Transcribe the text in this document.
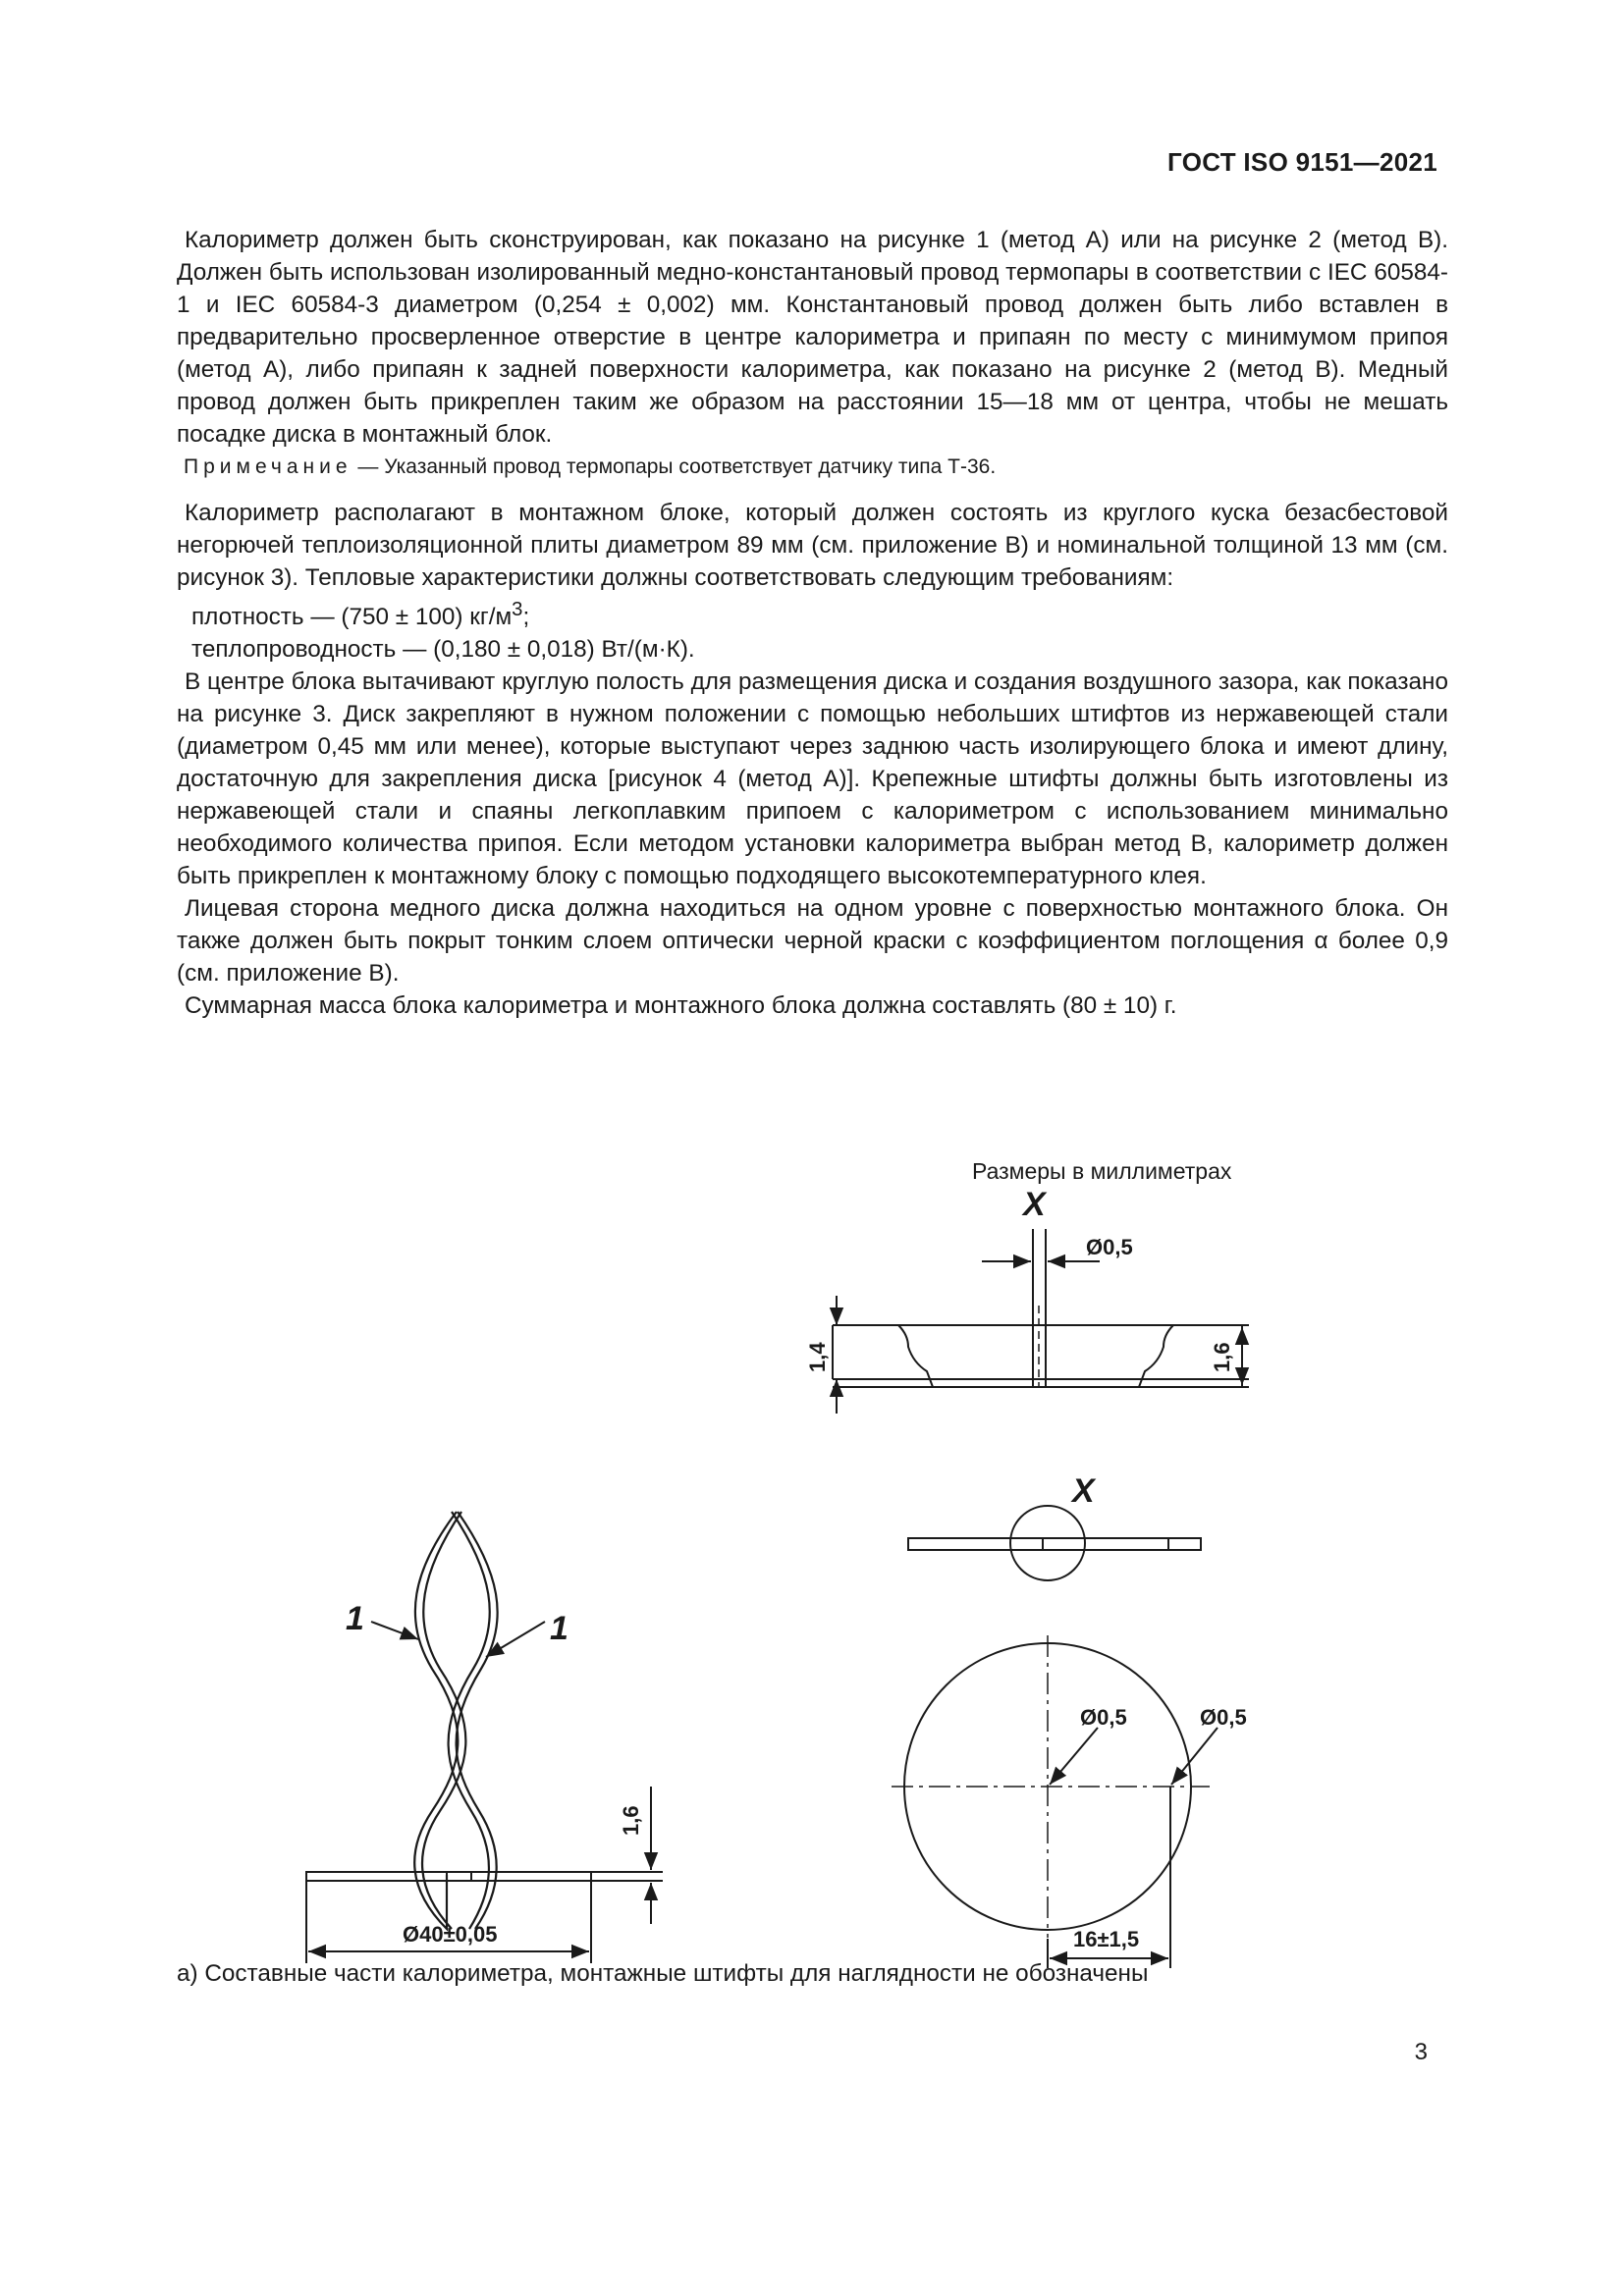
ГОСТ ISO 9151—2021

Калориметр должен быть сконструирован, как показано на рисунке 1 (метод А) или на рисунке 2 (метод В). Должен быть использован изолированный медно-константановый провод термопары в соответствии с IEC 60584-1 и IEC 60584-3 диаметром (0,254 ± 0,002) мм. Константановый провод должен быть либо вставлен в предварительно просверленное отверстие в центре калориметра и припаян по месту с минимумом припоя (метод А), либо припаян к задней поверхности калориметра, как показано на рисунке 2 (метод В). Медный провод должен быть прикреплен таким же образом на расстоянии 15—18 мм от центра, чтобы не мешать посадке диска в монтажный блок.

Примечание — Указанный провод термопары соответствует датчику типа Т-36.

Калориметр располагают в монтажном блоке, который должен состоять из круглого куска безасбестовой негорючей теплоизоляционной плиты диаметром 89 мм (см. приложение В) и номинальной толщиной 13 мм (см. рисунок 3). Тепловые характеристики должны соответствовать следующим требованиям:

плотность — (750 ± 100) $кг/м^3$;

теплопроводность — (0,180 ± 0,018) Вт/(м·К).

В центре блока вытачивают круглую полость для размещения диска и создания воздушного зазора, как показано на рисунке 3. Диск закрепляют в нужном положении с помощью небольших штифтов из нержавеющей стали (диаметром 0,45 мм или менее), которые выступают через заднюю часть изолирующего блока и имеют длину, достаточную для закрепления диска [рисунок 4 (метод А)]. Крепежные штифты должны быть изготовлены из нержавеющей стали и спаяны легкоплавким припоем с калориметром с использованием минимально необходимого количества припоя. Если методом установки калориметра выбран метод В, калориметр должен быть прикреплен к монтажному блоку с помощью подходящего высокотемпературного клея.

Лицевая сторона медного диска должна находиться на одном уровне с поверхностью монтажного блока. Он также должен быть покрыт тонким слоем оптически черной краски с коэффициентом поглощения α более 0,9 (см. приложение В).

Суммарная масса блока калориметра и монтажного блока должна составлять (80 ± 10) г.

Размеры в миллиметрах
X
Ø0,5
1,4	1,6
X
Ø0,5	Ø0,5
16±1,5
1	1
Ø40±0,05
1,6
а) Составные части калориметра, монтажные штифты для наглядности не обозначены
3
